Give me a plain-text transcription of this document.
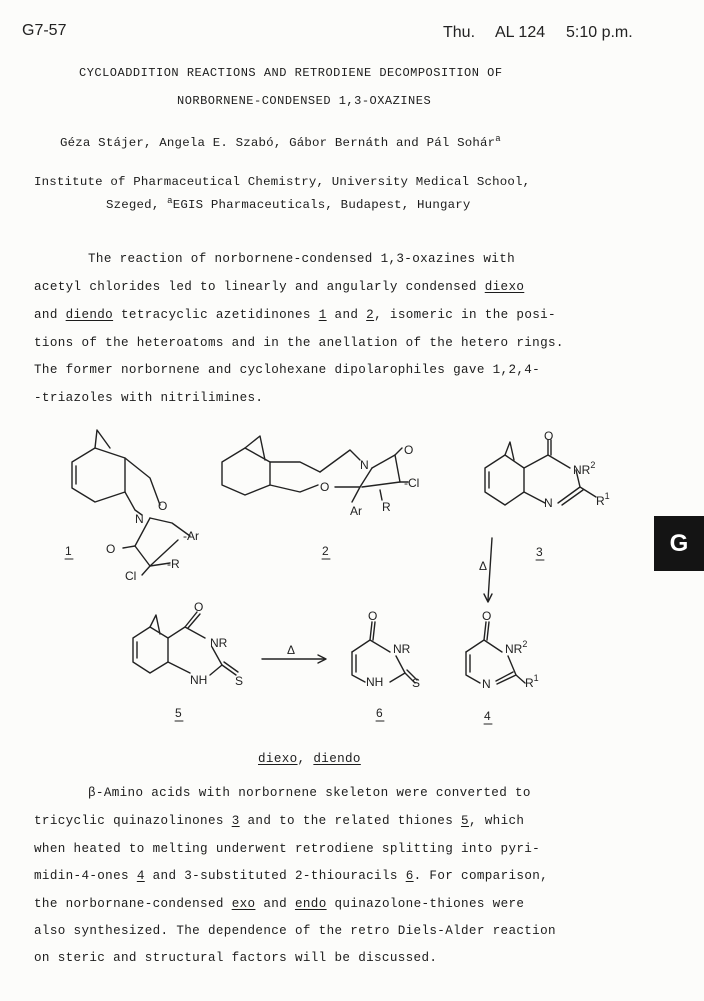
G7-57	Thu. AL 124 5:10 p.m.
CYCLOADDITION REACTIONS AND RETRODIENE DECOMPOSITION OF
NORBORNENE-CONDENSED 1,3-OXAZINES
Géza Stájer, Angela E. Szabó, Gábor Bernáth and Pál Sohár$^a$
Institute of Pharmaceutical Chemistry, University Medical School,
Szeged, $^a$EGIS Pharmaceuticals, Budapest, Hungary
The reaction of norbornene-condensed 1,3-oxazines with
acetyl chlorides led to linearly and angularly condensed diexo
and diendo tetracyclic azetidinones 1 and 2, isomeric in the posi-
tions of the heteroatoms and in the anellation of the hetero rings.
The former norbornene and cyclohexane dipolarophiles gave 1,2,4-
-triazoles with nitrilimines.
O
N
O
-Ar
-R
Cl
1
O
N
O
-Cl
Ar R
2
O
$NR^2$
N	$R^1$
3
Δ
O
NR
NH S
5
Δ
O
NR
NH S
6
O
$NR^2$
N	$R^1$
4
diexo, diendo
β-Amino acids with norbornene skeleton were converted to
tricyclic quinazolinones 3 and to the related thiones 5, which
when heated to melting underwent retrodiene splitting into pyri-
midin-4-ones 4 and 3-substituted 2-thiouracils 6. For comparison,
the norbornane-condensed exo and endo quinazolone-thiones were
also synthesized. The dependence of the retro Diels-Alder reaction
on steric and structural factors will be discussed.
G
